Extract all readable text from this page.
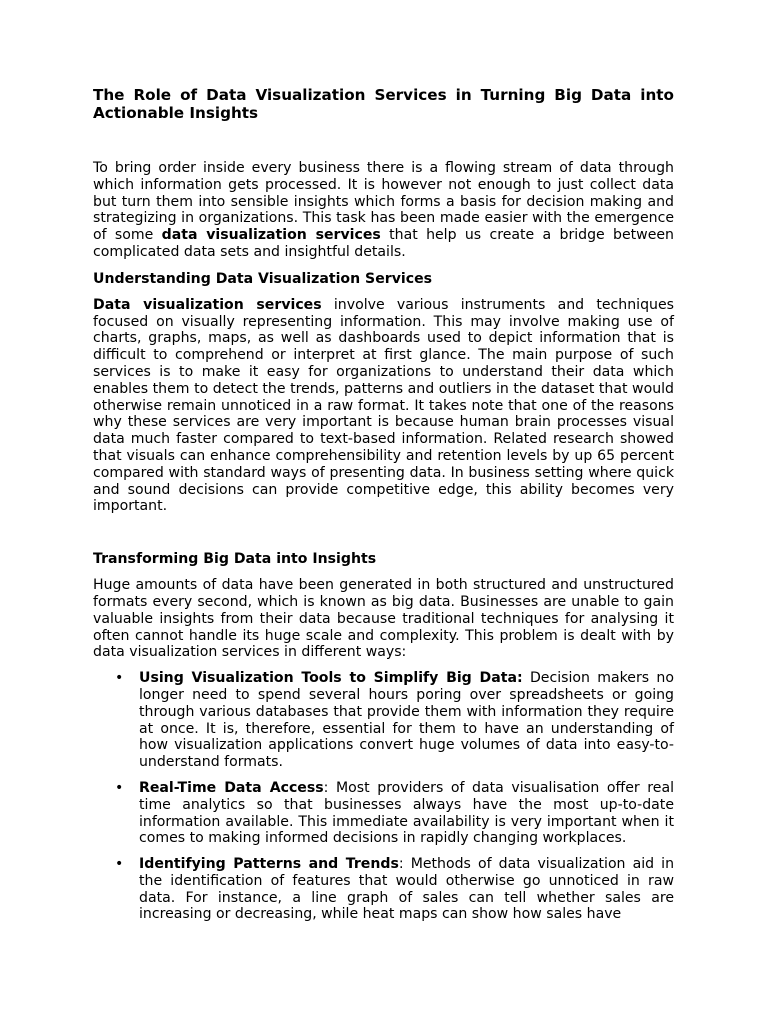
The Role of Data Visualization Services in Turning Big Data into Actionable Insights

To bring order inside every business there is a flowing stream of data through which information gets processed. It is however not enough to just collect data but turn them into sensible insights which forms a basis for decision making and strategizing in organizations. This task has been made easier with the emergence of some data visualization services that help us create a bridge between complicated data sets and insightful details.

Understanding Data Visualization Services

Data visualization services involve various instruments and techniques focused on visually representing information. This may involve making use of charts, graphs, maps, as well as dashboards used to depict information that is difficult to comprehend or interpret at first glance. The main purpose of such services is to make it easy for organizations to understand their data which enables them to detect the trends, patterns and outliers in the dataset that would otherwise remain unnoticed in a raw format. It takes note that one of the reasons why these services are very important is because human brain processes visual data much faster compared to text-based information. Related research showed that visuals can enhance comprehensibility and retention levels by up 65 percent compared with standard ways of presenting data. In business setting where quick and sound decisions can provide competitive edge, this ability becomes very important.

Transforming Big Data into Insights

Huge amounts of data have been generated in both structured and unstructured formats every second, which is known as big data. Businesses are unable to gain valuable insights from their data because traditional techniques for analysing it often cannot handle its huge scale and complexity. This problem is dealt with by data visualization services in different ways:

• Using Visualization Tools to Simplify Big Data: Decision makers no longer need to spend several hours poring over spreadsheets or going through various databases that provide them with information they require at once. It is, therefore, essential for them to have an understanding of how visualization applications convert huge volumes of data into easy-to-understand formats.
• Real-Time Data Access: Most providers of data visualisation offer real time analytics so that businesses always have the most up-to-date information available. This immediate availability is very important when it comes to making informed decisions in rapidly changing workplaces.
• Identifying Patterns and Trends: Methods of data visualization aid in the identification of features that would otherwise go unnoticed in raw data. For instance, a line graph of sales can tell whether sales are increasing or decreasing, while heat maps can show how sales have
